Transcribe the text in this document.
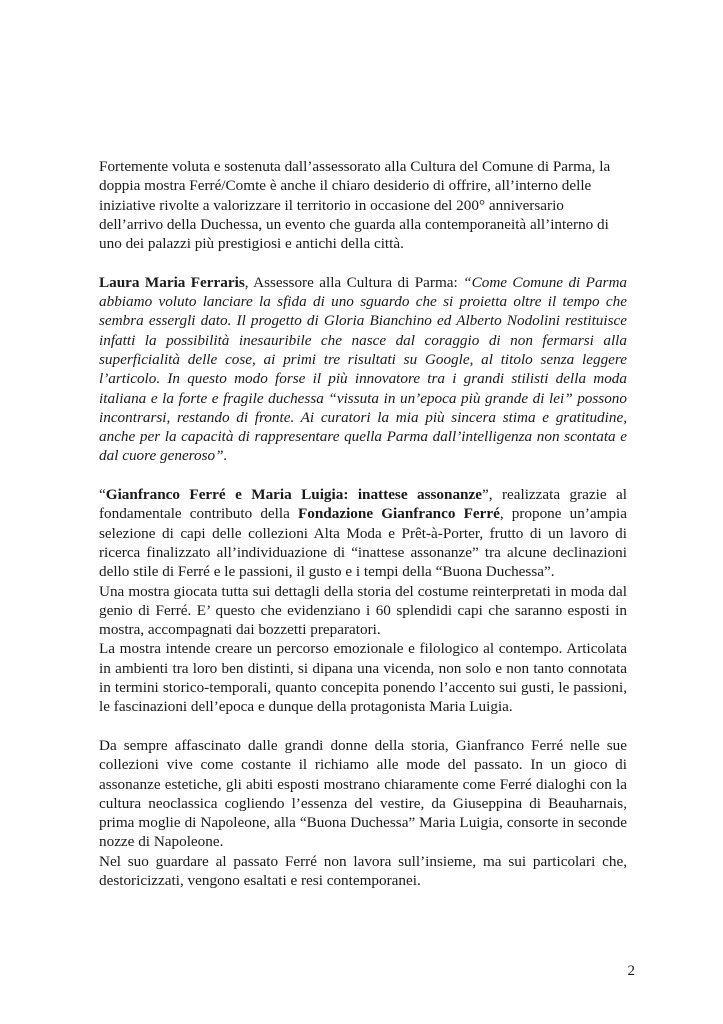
Fortemente voluta e sostenuta dall’assessorato alla Cultura del Comune di Parma, la doppia mostra Ferré/Comte è anche il chiaro desiderio di offrire, all’interno delle iniziative rivolte a valorizzare il territorio in occasione del 200° anniversario dell’arrivo della Duchessa, un evento che guarda alla contemporaneità all’interno di uno dei palazzi più prestigiosi e antichi della città.

Laura Maria Ferraris, Assessore alla Cultura di Parma: “Come Comune di Parma abbiamo voluto lanciare la sfida di uno sguardo che si proietta oltre il tempo che sembra essergli dato. Il progetto di Gloria Bianchino ed Alberto Nodolini restituisce infatti la possibilità inesauribile che nasce dal coraggio di non fermarsi alla superficialità delle cose, ai primi tre risultati su Google, al titolo senza leggere l’articolo. In questo modo forse il più innovatore tra i grandi stilisti della moda italiana e la forte e fragile duchessa “vissuta in un’epoca più grande di lei” possono incontrarsi, restando di fronte. Ai curatori la mia più sincera stima e gratitudine, anche per la capacità di rappresentare quella Parma dall’intelligenza non scontata e dal cuore generoso”.

“Gianfranco Ferré e Maria Luigia: inattese assonanze”, realizzata grazie al fondamentale contributo della Fondazione Gianfranco Ferré, propone un’ampia selezione di capi delle collezioni Alta Moda e Prêt-à-Porter, frutto di un lavoro di ricerca finalizzato all’individuazione di “inattese assonanze” tra alcune declinazioni dello stile di Ferré e le passioni, il gusto e i tempi della “Buona Duchessa”.

Una mostra giocata tutta sui dettagli della storia del costume reinterpretati in moda dal genio di Ferré. E’ questo che evidenziano i 60 splendidi capi che saranno esposti in mostra, accompagnati dai bozzetti preparatori.

La mostra intende creare un percorso emozionale e filologico al contempo. Articolata in ambienti tra loro ben distinti, si dipana una vicenda, non solo e non tanto connotata in termini storico-temporali, quanto concepita ponendo l’accento sui gusti, le passioni, le fascinazioni dell’epoca e dunque della protagonista Maria Luigia.

Da sempre affascinato dalle grandi donne della storia, Gianfranco Ferré nelle sue collezioni vive come costante il richiamo alle mode del passato. In un gioco di assonanze estetiche, gli abiti esposti mostrano chiaramente come Ferré dialoghi con la cultura neoclassica cogliendo l’essenza del vestire, da Giuseppina di Beauharnais, prima moglie di Napoleone, alla “Buona Duchessa” Maria Luigia, consorte in seconde nozze di Napoleone.

Nel suo guardare al passato Ferré non lavora sull’insieme, ma sui particolari che, destoricizzati, vengono esaltati e resi contemporanei.

2
